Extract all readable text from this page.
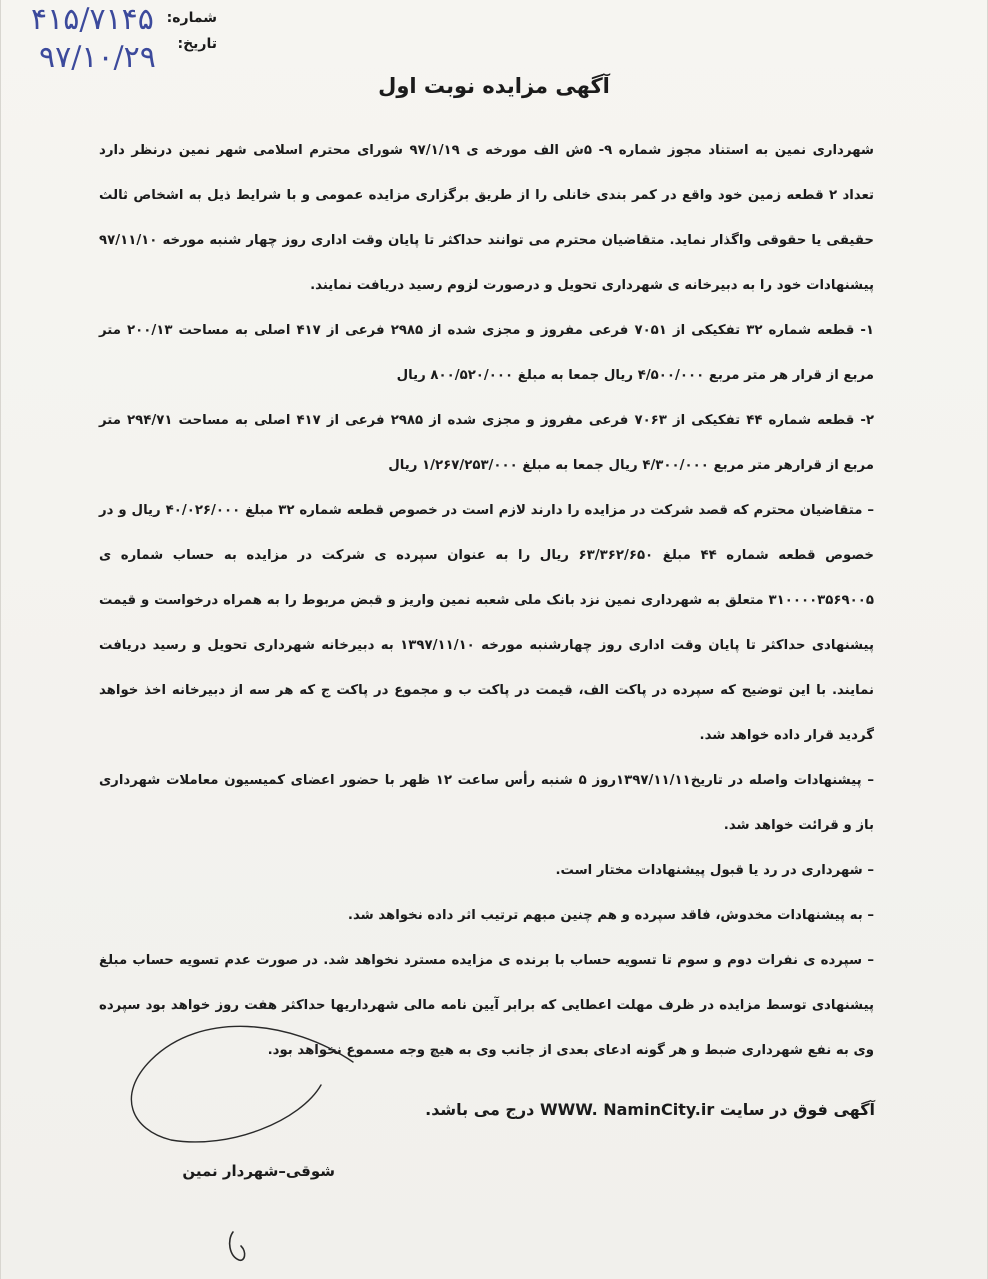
شماره:
تاریخ:
۴۱۵/۷۱۴۵
۹۷/۱۰/۲۹
آگهی مزایده نوبت اول

شهرداری نمین به استناد مجوز شماره ۹- ۵ش الف مورخه ی ۹۷/۱/۱۹ شورای محترم اسلامی شهر نمین درنظر دارد تعداد ۲ قطعه زمین خود واقع در کمر بندی خانلی را از طریق برگزاری مزایده عمومی و با شرایط ذیل به اشخاص ثالث حقیقی یا حقوقی واگذار نماید. متقاضیان محترم می توانند حداکثر تا پایان وقت اداری روز چهار شنبه مورخه ۹۷/۱۱/۱۰ پیشنهادات خود را به دبیرخانه ی شهرداری تحویل و درصورت لزوم رسید دریافت نمایند.

۱- قطعه شماره ۳۲ تفکیکی از ۷۰۵۱ فرعی مفروز و مجزی شده از ۲۹۸۵ فرعی از ۴۱۷ اصلی به مساحت ۲۰۰/۱۳ متر مربع از قرار هر متر مربع ۴/۵۰۰/۰۰۰ ریال جمعا به مبلغ ۸۰۰/۵۲۰/۰۰۰ ریال

۲- قطعه شماره ۴۴ تفکیکی از ۷۰۶۳ فرعی مفروز و مجزی شده از ۲۹۸۵ فرعی از ۴۱۷ اصلی به مساحت ۲۹۴/۷۱ متر مربع از قرارهر متر مربع ۴/۳۰۰/۰۰۰ ریال جمعا به مبلغ ۱/۲۶۷/۲۵۳/۰۰۰ ریال

– متقاضیان محترم که قصد شرکت در مزایده را دارند لازم است در خصوص قطعه شماره ۳۲ مبلغ ۴۰/۰۲۶/۰۰۰ ریال و در خصوص قطعه شماره ۴۴ مبلغ ۶۳/۳۶۲/۶۵۰ ریال را به عنوان سپرده ی شرکت در مزایده به حساب شماره ی ۳۱۰۰۰۰۳۵۶۹۰۰۵ متعلق به شهرداری نمین نزد بانک ملی شعبه نمین واریز و قبض مربوط را به همراه درخواست و قیمت پیشنهادی حداکثر تا پایان وقت اداری روز چهارشنبه مورخه ۱۳۹۷/۱۱/۱۰ به دبیرخانه شهرداری تحویل و رسید دریافت نمایند. با این توضیح که سپرده در پاکت الف، قیمت در پاکت ب و مجموع در پاکت ج که هر سه از دبیرخانه اخذ خواهد گردید قرار داده خواهد شد.

– پیشنهادات واصله در تاریخ۱۳۹۷/۱۱/۱۱روز ۵ شنبه رأس ساعت ۱۲ ظهر با حضور اعضای کمیسیون معاملات شهرداری باز و قرائت خواهد شد.

– شهرداری در رد یا قبول پیشنهادات مختار است.

– به پیشنهادات مخدوش، فاقد سپرده و هم چنین مبهم ترتیب اثر داده نخواهد شد.

– سپرده ی نفرات دوم و سوم تا تسویه حساب با برنده ی مزایده مسترد نخواهد شد. در صورت عدم تسویه حساب مبلغ پیشنهادی توسط مزایده در ظرف مهلت اعطایی که برابر آیین نامه مالی شهرداریها حداکثر هفت روز خواهد بود سپرده وی به نفع شهرداری ضبط و هر گونه ادعای بعدی از جانب وی به هیچ وجه مسموع نخواهد بود.

آگهی فوق در سایت WWW. NaminCity.ir درج می باشد.
شوقی–شهردار نمین
